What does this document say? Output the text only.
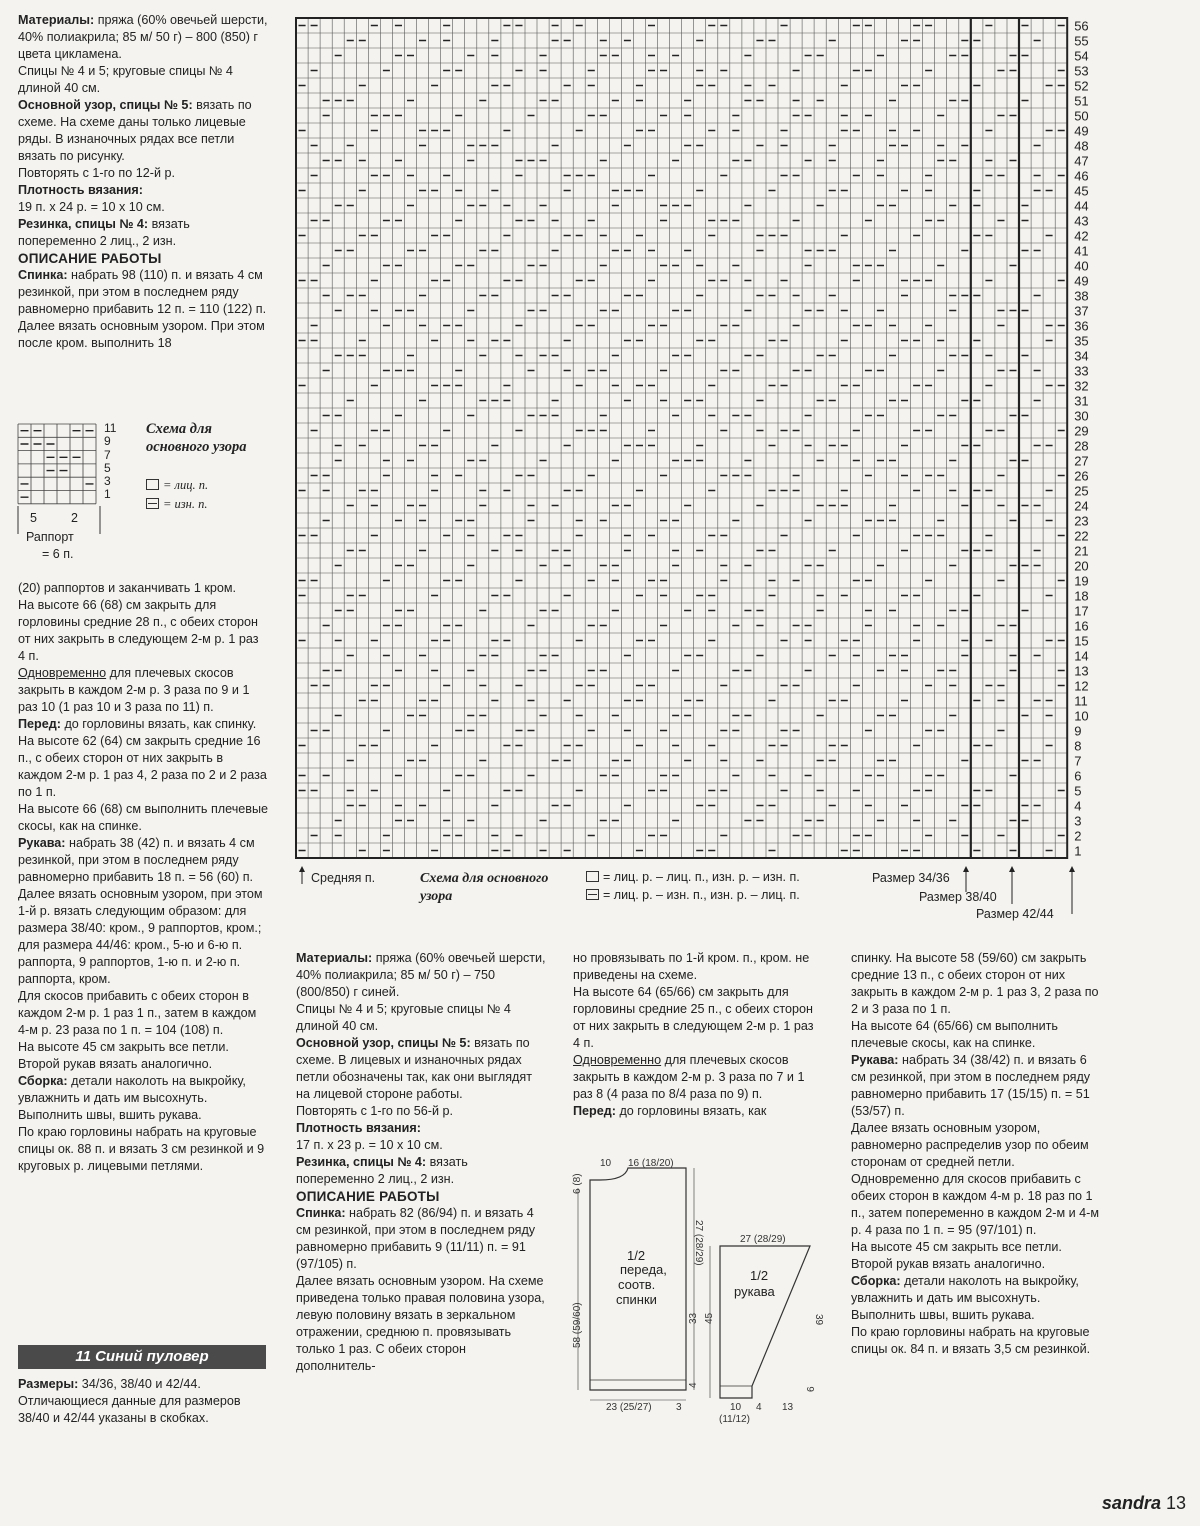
Материалы: пряжа (60% овечьей шерсти, 40% полиакрила; 85 м/ 50 г) – 800 (850) г цвета цикламена.

Спицы № 4 и 5; круговые спицы № 4 длиной 40 см.

Основной узор, спицы № 5: вязать по схеме. На схеме даны только лицевые ряды. В изнаночных рядах все петли вязать по рисунку.

Повторять с 1-го по 12-й р.

Плотность вязания:

19 п. х 24 р. = 10 х 10 см.

Резинка, спицы № 4: вязать попеременно 2 лиц., 2 изн.

ОПИСАНИЕ РАБОТЫ

Спинка: набрать 98 (110) п. и вязать 4 см резинкой, при этом в последнем ряду равномерно прибавить 12 п. = 110 (122) п.

Далее вязать основным узором. При этом после кром. выполнить 18

11
9
7
5
3
1
Схема для основного узора
= лиц. п.
= изн. п.
5	2
Раппорт
= 6 п.

(20) раппортов и заканчивать 1 кром.

На высоте 66 (68) см закрыть для горловины средние 28 п., с обеих сторон от них закрыть в следующем 2-м р. 1 раз 4 п.

Одновременно для плечевых скосов закрыть в каждом 2-м р. 3 раза по 9 и 1 раз 10 (1 раз 10 и 3 раза по 11) п.

Перед: до горловины вязать, как спинку. На высоте 62 (64) см закрыть средние 16 п., с обеих сторон от них закрыть в каждом 2-м р. 1 раз 4, 2 раза по 2 и 2 раза по 1 п.

На высоте 66 (68) см выполнить плечевые скосы, как на спинке.

Рукава: набрать 38 (42) п. и вязать 4 см резинкой, при этом в последнем ряду равномерно прибавить 18 п. = 56 (60) п.

Далее вязать основным узором, при этом 1-й р. вязать следующим образом: для размера 38/40: кром., 9 раппортов, кром.; для размера 44/46: кром., 5-ю и 6-ю п. раппорта, 9 раппортов, 1-ю п. и 2-ю п. раппорта, кром.

Для скосов прибавить с обеих сторон в каждом 2-м р. 1 раз 1 п., затем в каждом 4-м р. 23 раза по 1 п. = 104 (108) п.

На высоте 45 см закрыть все петли. Второй рукав вязать аналогично.

Сборка: детали наколоть на выкройку, увлажнить и дать им высохнуть. Выполнить швы, вшить рукава.

По краю горловины набрать на круговые спицы ок. 88 п. и вязать 3 см резинкой и 9 круговых р. лицевыми петлями.

11 Синий пуловер

Размеры: 34/36, 38/40 и 42/44.

Отличающиеся данные для размеров 38/40 и 42/44 указаны в скобках.

56
55
54
53
52
51
50
49
48
47
46
45
44
43
42
41
40
49
38
37
36
35
34
33
32
31
30
29
28
27
26
25
24
23
22
21
20
19
18
17
16
15
14
13
12
11
10
9
8
7
6
5
4
3
2
1
Средняя п.	Схема для основного узора
= лиц. р. – лиц. п., изн. р. – изн. п.
= лиц. р. – изн. п., изн. р. – лиц. п.
Размер 34/36
Размер 38/40
Размер 42/44

Материалы: пряжа (60% овечьей шерсти, 40% полиакрила; 85 м/ 50 г) – 750 (800/850) г синей.

Спицы № 4 и 5; круговые спицы № 4 длиной 40 см.

Основной узор, спицы № 5: вязать по схеме. В лицевых и изнаночных рядах петли обозначены так, как они выглядят на лицевой стороне работы.

Повторять с 1-го по 56-й р.

Плотность вязания:

17 п. х 23 р. = 10 х 10 см.

Резинка, спицы № 4: вязать попеременно 2 лиц., 2 изн.

ОПИСАНИЕ РАБОТЫ

Спинка: набрать 82 (86/94) п. и вязать 4 см резинкой, при этом в последнем ряду равномерно прибавить 9 (11/11) п. = 91 (97/105) п.

Далее вязать основным узором. На схеме приведена только правая половина узора, левую половину вязать в зеркальном отражении, среднюю п. провязывать только 1 раз. С обеих сторон дополнитель-

но провязывать по 1-й кром. п., кром. не приведены на схеме.

На высоте 64 (65/66) см закрыть для горловины средние 25 п., с обеих сторон от них закрыть в следующем 2-м р. 1 раз 4 п.

Одновременно для плечевых скосов закрыть в каждом 2-м р. 3 раза по 7 и 1 раз 8 (4 раза по 8/4 раза по 9) п.

Перед: до горловины вязать, как

10 16 (18/20)
6 (8)
27 (28/29)
33
4
58 (59/60)
23 (25/27) 3
1/2
переда,
соотв.
спинки
27 (28/29)
45	39
6
10 4 13
(11/12)
1/2
рукава

спинку. На высоте 58 (59/60) см закрыть средние 13 п., с обеих сторон от них закрыть в каждом 2-м р. 1 раз 3, 2 раза по 2 и 3 раза по 1 п.

На высоте 64 (65/66) см выполнить плечевые скосы, как на спинке.

Рукава: набрать 34 (38/42) п. и вязать 6 см резинкой, при этом в последнем ряду равномерно прибавить 17 (15/15) п. = 51 (53/57) п.

Далее вязать основным узором, равномерно распределив узор по обеим сторонам от средней петли.

Одновременно для скосов прибавить с обеих сторон в каждом 4-м р. 18 раз по 1 п., затем попеременно в каждом 2-м и 4-м р. 4 раза по 1 п. = 95 (97/101) п.

На высоте 45 см закрыть все петли. Второй рукав вязать аналогично.

Сборка: детали наколоть на выкройку, увлажнить и дать им высохнуть. Выполнить швы, вшить рукава.

По краю горловины набрать на круговые спицы ок. 84 п. и вязать 3,5 см резинкой.

sandra 13
